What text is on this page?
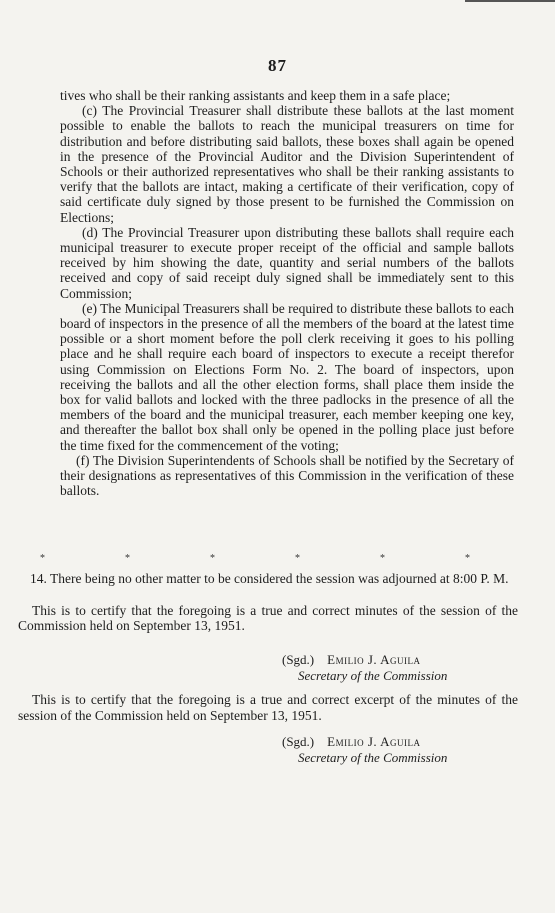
87

tives who shall be their ranking assistants and keep them in a safe place;

(c) The Provincial Treasurer shall distribute these ballots at the last moment possible to enable the ballots to reach the municipal treasurers on time for distribution and before distributing said ballots, these boxes shall again be opened in the presence of the Provincial Auditor and the Division Superintendent of Schools or their authorized representatives who shall be their ranking assistants to verify that the ballots are intact, making a certificate of their verification, copy of said certificate duly signed by those present to be furnished the Commission on Elections;

(d) The Provincial Treasurer upon distributing these ballots shall require each municipal treasurer to execute proper receipt of the official and sample ballots received by him showing the date, quantity and serial numbers of the ballots received and copy of said receipt duly signed shall be immediately sent to this Commission;

(e) The Municipal Treasurers shall be required to distribute these ballots to each board of inspectors in the presence of all the members of the board at the latest time possible or a short moment before the poll clerk receiving it goes to his polling place and he shall require each board of inspectors to execute a receipt therefor using Commission on Elections Form No. 2. The board of inspectors, upon receiving the ballots and all the other election forms, shall place them inside the box for valid ballots and locked with the three padlocks in the presence of all the members of the board and the municipal treasurer, each member keeping one key, and thereafter the ballot box shall only be opened in the polling place just before the time fixed for the commencement of the voting;

(f) The Division Superintendents of Schools shall be notified by the Secretary of their designations as representatives of this Commission in the verification of these ballots.

*	*	*	*	*	*

14. There being no other matter to be considered the session was adjourned at 8:00 P. M.

This is to certify that the foregoing is a true and correct minutes of the session of the Commission held on September 13, 1951.

(Sgd.) Emilio J. Aguila
Secretary of the Commission

This is to certify that the foregoing is a true and correct excerpt of the minutes of the session of the Commission held on September 13, 1951.

(Sgd.) Emilio J. Aguila
Secretary of the Commission
